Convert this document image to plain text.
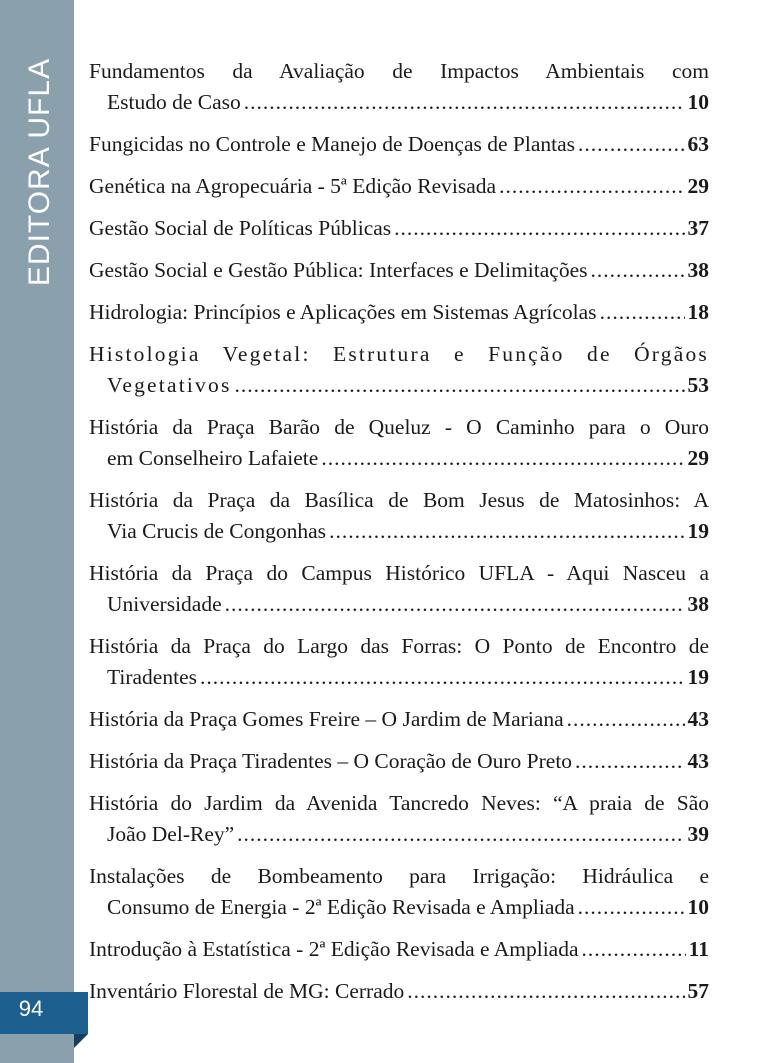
EDITORA UFLA
94
Fundamentos da Avaliação de Impactos Ambientais com
Estudo de Caso .....	10
Fungicidas no Controle e Manejo de Doenças de Plantas .....	63
Genética na Agropecuária - 5ª Edição Revisada .....	29
Gestão Social de Políticas Públicas .....	37
Gestão Social e Gestão Pública: Interfaces e Delimitações .....	38
Hidrologia: Princípios e Aplicações em Sistemas Agrícolas .....	18
Histologia Vegetal: Estrutura e Função de Órgãos
Vegetativos .....	53
História da Praça Barão de Queluz - O Caminho para o Ouro
em Conselheiro Lafaiete .....	29
História da Praça da Basílica de Bom Jesus de Matosinhos: A
Via Crucis de Congonhas .....	19
História da Praça do Campus Histórico UFLA - Aqui Nasceu a
Universidade .....	38
História da Praça do Largo das Forras: O Ponto de Encontro de
Tiradentes .....	19
História da Praça Gomes Freire – O Jardim de Mariana .....	43
História da Praça Tiradentes – O Coração de Ouro Preto .....	43
História do Jardim da Avenida Tancredo Neves: “A praia de São
João Del-Rey” .....	39
Instalações de Bombeamento para Irrigação: Hidráulica e
Consumo de Energia - 2ª Edição Revisada e Ampliada .....	10
Introdução à Estatística - 2ª Edição Revisada e Ampliada .....	11
Inventário Florestal de MG: Cerrado .....	57
